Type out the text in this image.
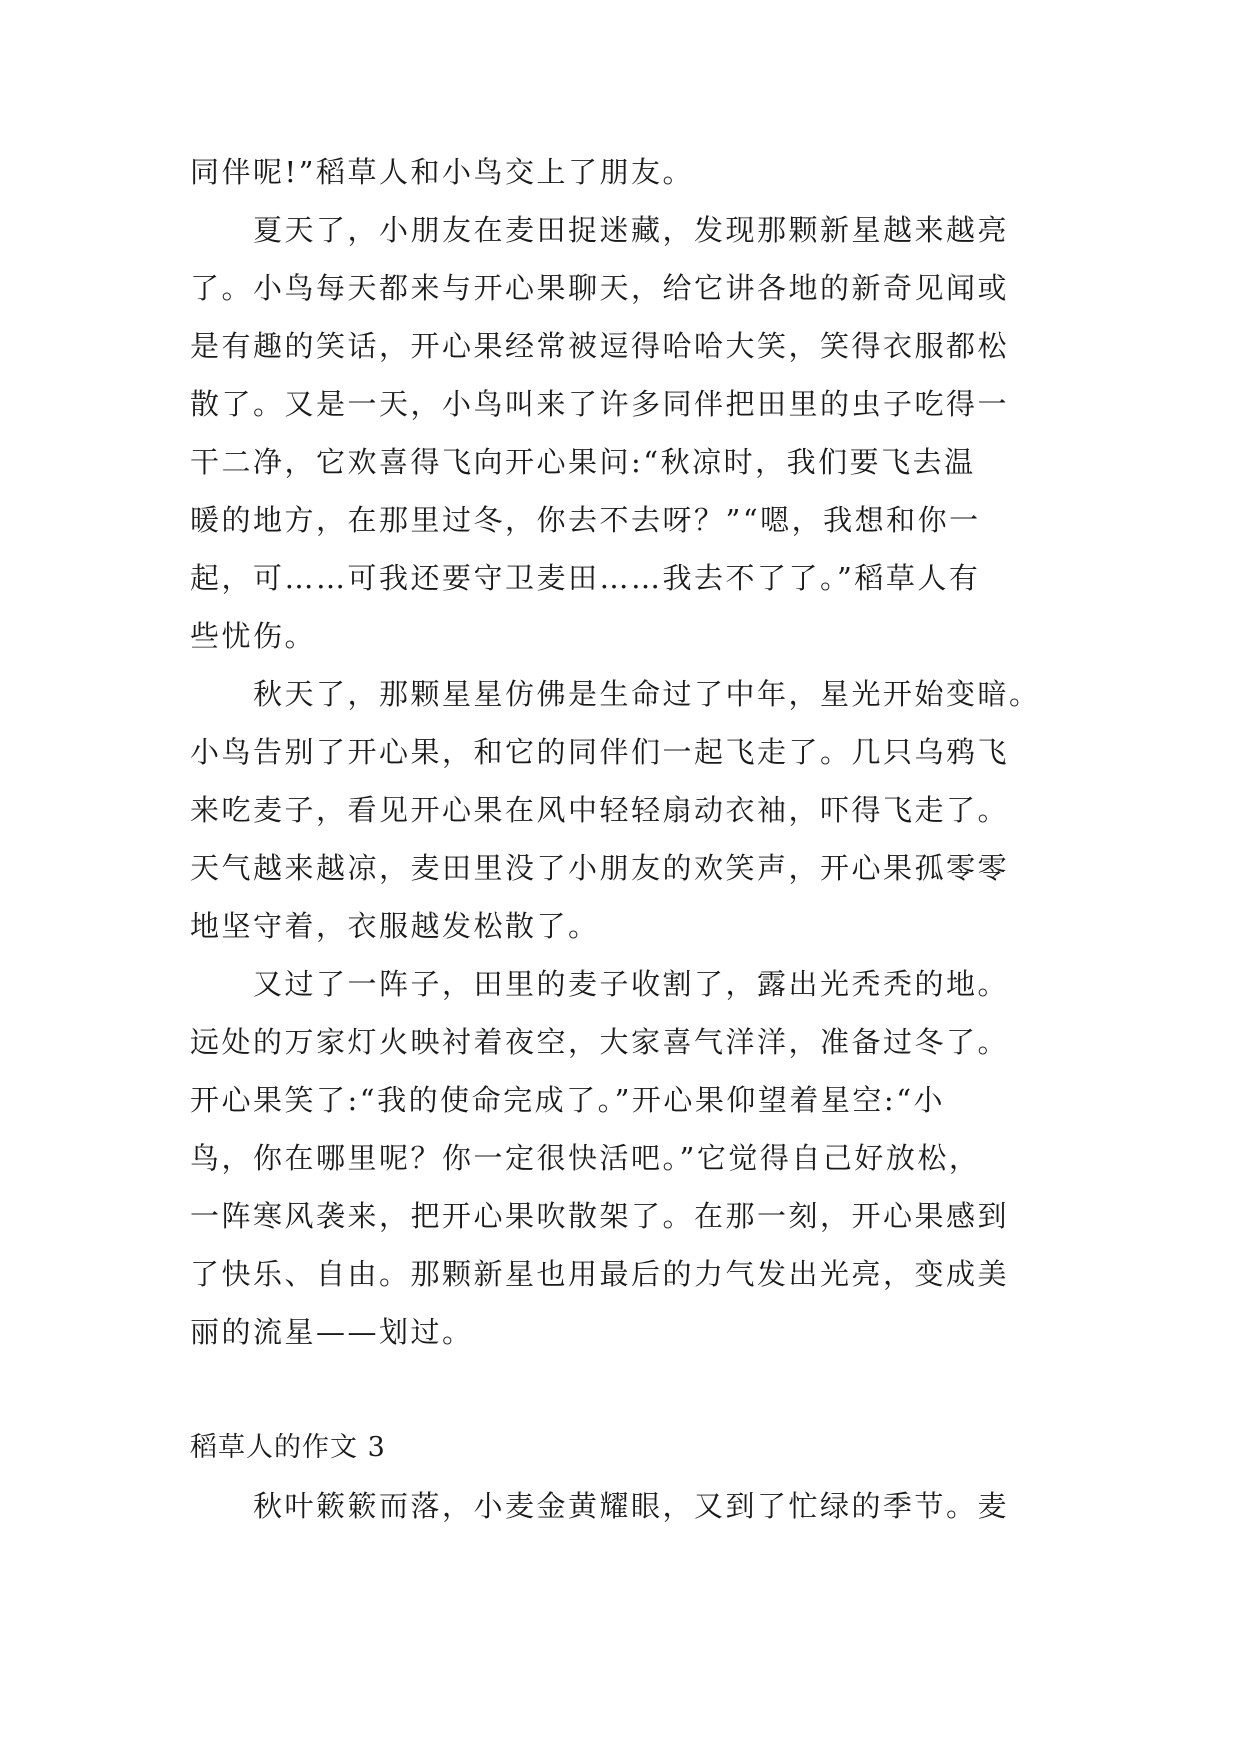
同伴呢!”稻草人和小鸟交上了朋友。
　　夏天了，小朋友在麦田捉迷藏，发现那颗新星越来越亮
了。小鸟每天都来与开心果聊天，给它讲各地的新奇见闻或
是有趣的笑话，开心果经常被逗得哈哈大笑，笑得衣服都松
散了。又是一天，小鸟叫来了许多同伴把田里的虫子吃得一
干二净，它欢喜得飞向开心果问:“秋凉时，我们要飞去温
暖的地方，在那里过冬，你去不去呀？”“嗯，我想和你一
起，可……可我还要守卫麦田……我去不了了。”稻草人有
些忧伤。
　　秋天了，那颗星星仿佛是生命过了中年，星光开始变暗。
小鸟告别了开心果，和它的同伴们一起飞走了。几只乌鸦飞
来吃麦子，看见开心果在风中轻轻扇动衣袖，吓得飞走了。
天气越来越凉，麦田里没了小朋友的欢笑声，开心果孤零零
地坚守着，衣服越发松散了。
　　又过了一阵子，田里的麦子收割了，露出光秃秃的地。
远处的万家灯火映衬着夜空，大家喜气洋洋，准备过冬了。
开心果笑了:“我的使命完成了。”开心果仰望着星空:“小
鸟，你在哪里呢？你一定很快活吧。”它觉得自己好放松，
一阵寒风袭来，把开心果吹散架了。在那一刻，开心果感到
了快乐、自由。那颗新星也用最后的力气发出光亮，变成美
丽的流星——划过。
稻草人的作文 3
　　秋叶簌簌而落，小麦金黄耀眼，又到了忙绿的季节。麦
